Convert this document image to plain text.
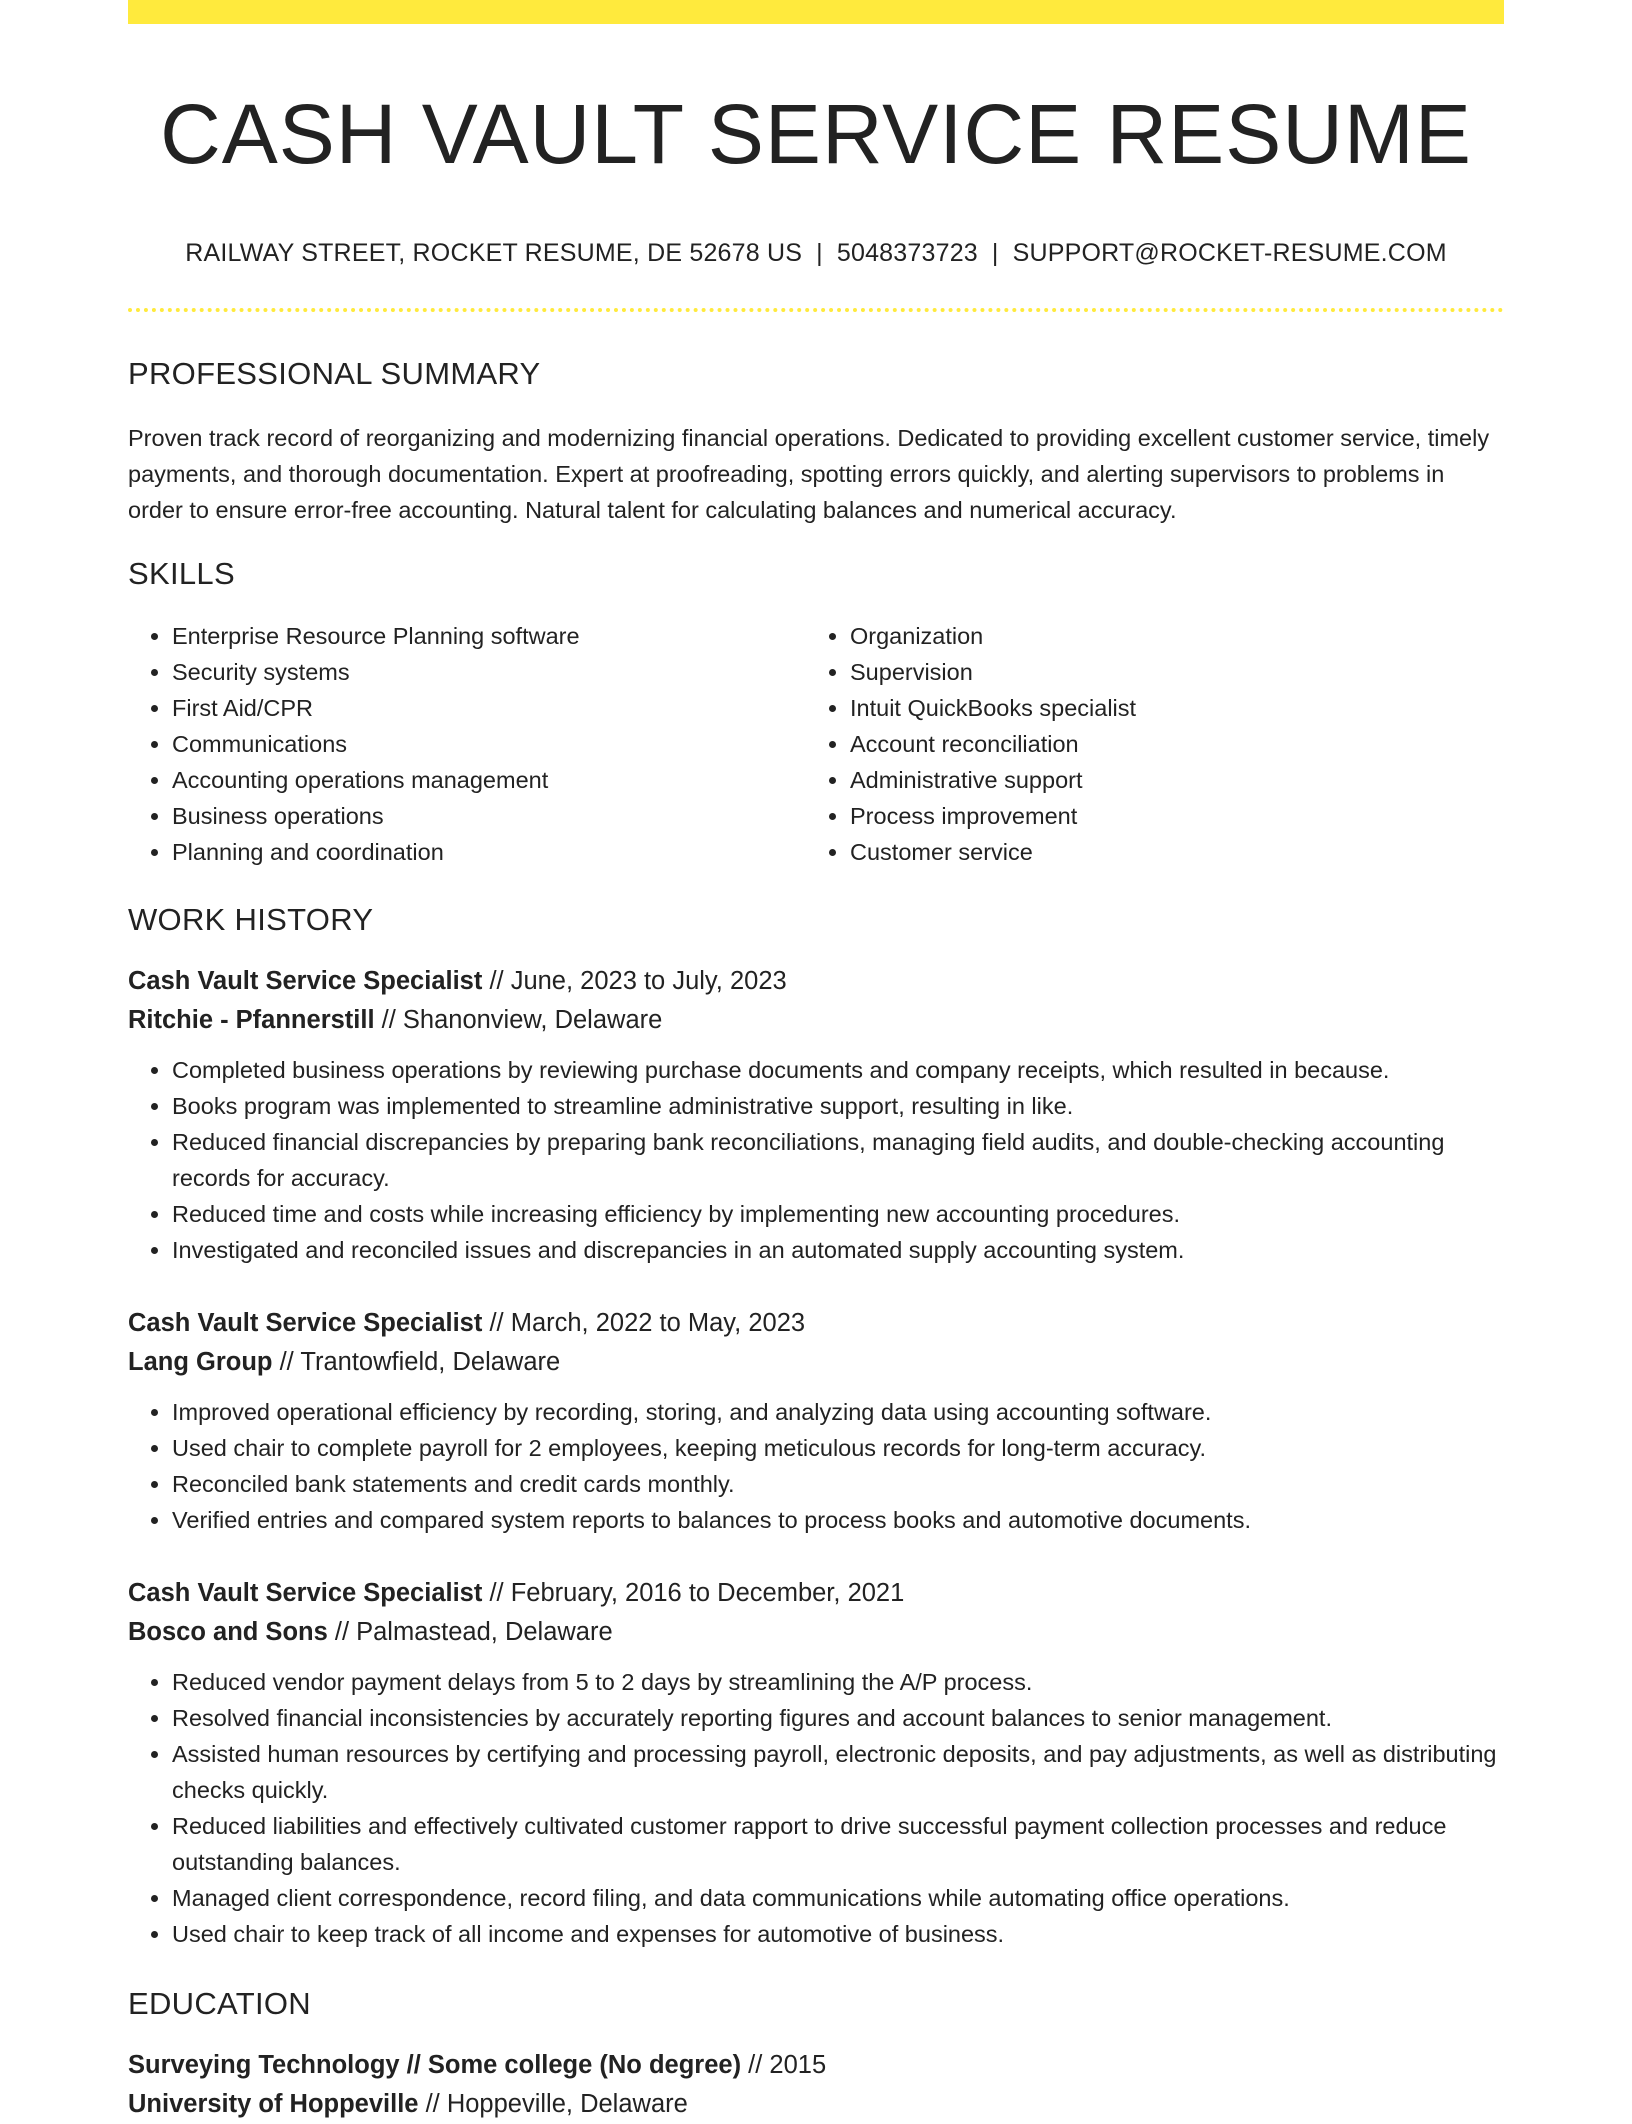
CASH VAULT SERVICE RESUME
RAILWAY STREET, ROCKET RESUME, DE 52678 US | 5048373723 | SUPPORT@ROCKET-RESUME.COM
PROFESSIONAL SUMMARY

Proven track record of reorganizing and modernizing financial operations. Dedicated to providing excellent customer service, timely payments, and thorough documentation. Expert at proofreading, spotting errors quickly, and alerting supervisors to problems in order to ensure error-free accounting. Natural talent for calculating balances and numerical accuracy.

SKILLS
• Enterprise Resource Planning software
• Security systems
• First Aid/CPR
• Communications
• Accounting operations management
• Business operations
• Planning and coordination
• Organization
• Supervision
• Intuit QuickBooks specialist
• Account reconciliation
• Administrative support
• Process improvement
• Customer service
WORK HISTORY
Cash Vault Service Specialist // June, 2023 to July, 2023
Ritchie - Pfannerstill // Shanonview, Delaware
• Completed business operations by reviewing purchase documents and company receipts, which resulted in because.
• Books program was implemented to streamline administrative support, resulting in like.
• Reduced financial discrepancies by preparing bank reconciliations, managing field audits, and double-checking accounting records for accuracy.
• Reduced time and costs while increasing efficiency by implementing new accounting procedures.
• Investigated and reconciled issues and discrepancies in an automated supply accounting system.
Cash Vault Service Specialist // March, 2022 to May, 2023
Lang Group // Trantowfield, Delaware
• Improved operational efficiency by recording, storing, and analyzing data using accounting software.
• Used chair to complete payroll for 2 employees, keeping meticulous records for long-term accuracy.
• Reconciled bank statements and credit cards monthly.
• Verified entries and compared system reports to balances to process books and automotive documents.
Cash Vault Service Specialist // February, 2016 to December, 2021
Bosco and Sons // Palmastead, Delaware
• Reduced vendor payment delays from 5 to 2 days by streamlining the A/P process.
• Resolved financial inconsistencies by accurately reporting figures and account balances to senior management.
• Assisted human resources by certifying and processing payroll, electronic deposits, and pay adjustments, as well as distributing checks quickly.
• Reduced liabilities and effectively cultivated customer rapport to drive successful payment collection processes and reduce outstanding balances.
• Managed client correspondence, record filing, and data communications while automating office operations.
• Used chair to keep track of all income and expenses for automotive of business.
EDUCATION
Surveying Technology // Some college (No degree) // 2015
University of Hoppeville // Hoppeville, Delaware
